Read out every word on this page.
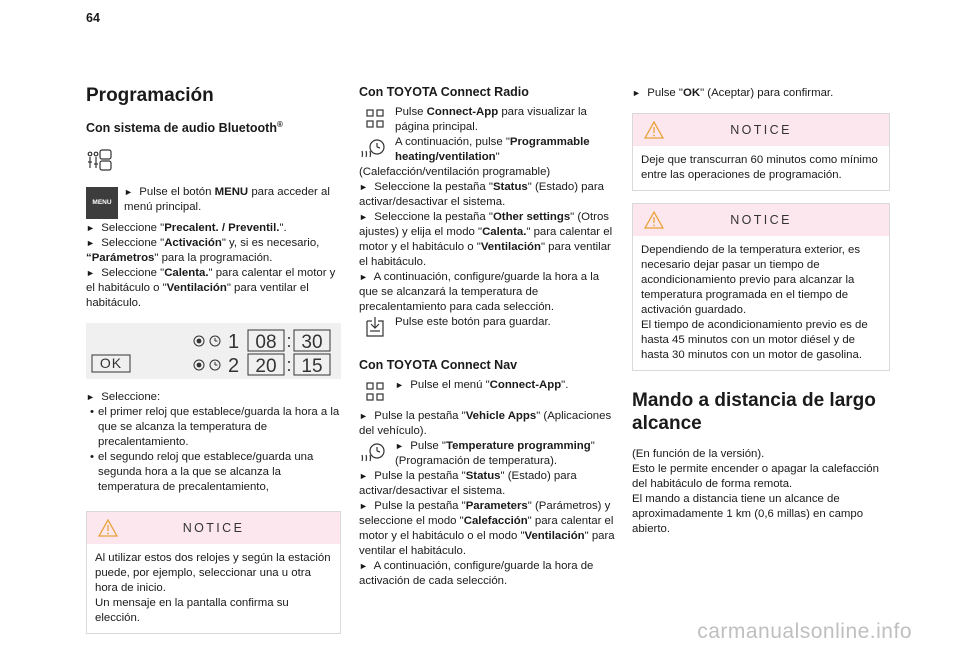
64
Programación
Con sistema de audio Bluetooth®
MENU

► Pulse el botón MENU para acceder al menú principal.

► Seleccione "Precalent. / Preventil.".

► Seleccione "Activación" y, si es necesario, “Parámetros" para la programación.

► Seleccione "Calenta." para calentar el motor y el habitáculo o "Ventilación" para ventilar el habitáculo.

OK
1 08 : 30
2 20 : 15

► Seleccione:

• el primer reloj que establece/guarda la hora a la que se alcanza la temperatura de precalentamiento.
• el segundo reloj que establece/guarda una segunda hora a la que se alcanza la temperatura de precalentamiento,
NOTICE

Al utilizar estos dos relojes y según la estación puede, por ejemplo, seleccionar una u otra hora de inicio.

Un mensaje en la pantalla confirma su elección.

Con TOYOTA Connect Radio

Pulse Connect-App para visualizar la página principal.

A continuación, pulse "Programmable heating/ventilation" (Calefacción/ventilación programable)

► Seleccione la pestaña "Status" (Estado) para activar/desactivar el sistema.

► Seleccione la pestaña "Other settings" (Otros ajustes) y elija el modo "Calenta." para calentar el motor y el habitáculo o "Ventilación" para ventilar el habitáculo.

► A continuación, configure/guarde la hora a la que se alcanzará la temperatura de precalentamiento para cada selección.

Pulse este botón para guardar.

Con TOYOTA Connect Nav

► Pulse el menú "Connect-App".

► Pulse la pestaña "Vehicle Apps" (Aplicaciones del vehículo).

► Pulse "Temperature programming" (Programación de temperatura).

► Pulse la pestaña "Status" (Estado) para activar/desactivar el sistema.

► Pulse la pestaña "Parameters" (Parámetros) y seleccione el modo "Calefacción" para calentar el motor y el habitáculo o el modo "Ventilación" para ventilar el habitáculo.

► A continuación, configure/guarde la hora de activación de cada selección.

► Pulse "OK" (Aceptar) para confirmar.

NOTICE

Deje que transcurran 60 minutos como mínimo entre las operaciones de programación.

NOTICE

Dependiendo de la temperatura exterior, es necesario dejar pasar un tiempo de acondicionamiento previo para alcanzar la temperatura programada en el tiempo de activación guardado.

El tiempo de acondicionamiento previo es de hasta 45 minutos con un motor diésel y de hasta 30 minutos con un motor de gasolina.

Mando a distancia de largo alcance

(En función de la versión).

Esto le permite encender o apagar la calefacción del habitáculo de forma remota.

El mando a distancia tiene un alcance de aproximadamente 1 km (0,6 millas) en campo abierto.

carmanualsonline.info
